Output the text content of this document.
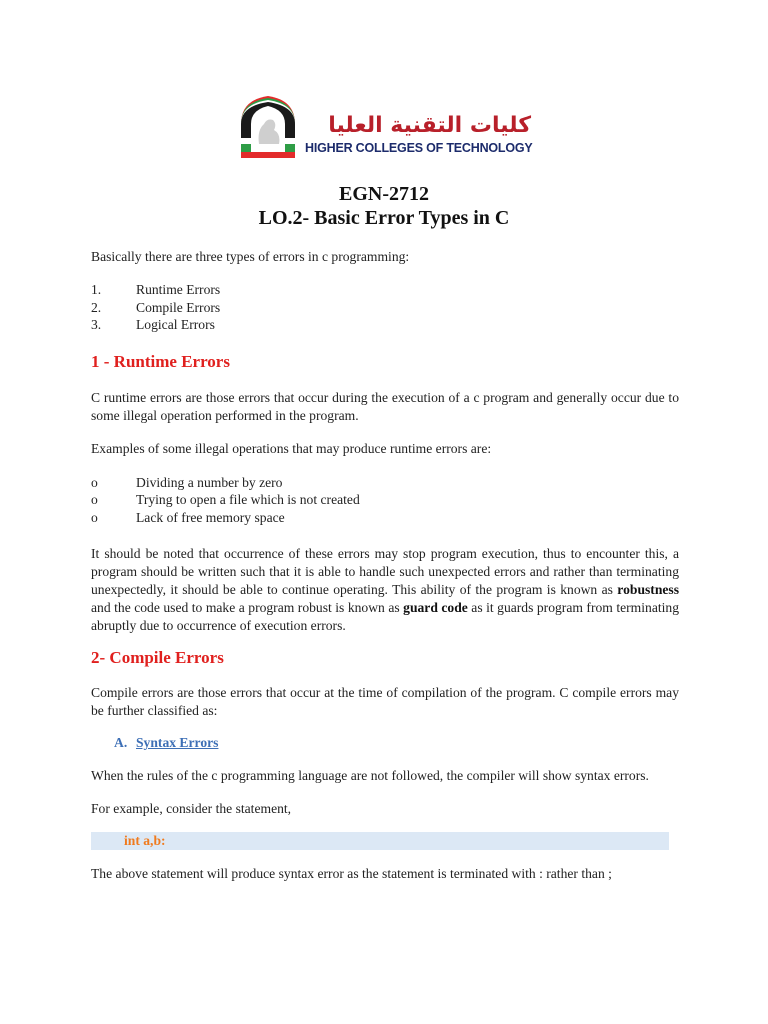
كليات التقنية العليا
HIGHER COLLEGES OF TECHNOLOGY
EGN-2712
LO.2- Basic Error Types in C
Basically there are three types of errors in c programming:
1.	Runtime Errors
2.	Compile Errors
3.	Logical Errors
1 - Runtime Errors
C runtime errors are those errors that occur during the execution of a c program and generally occur due to some illegal operation performed in the program.
Examples of some illegal operations that may produce runtime errors are:
o	Dividing a number by zero
o	Trying to open a file which is not created
o	Lack of free memory space
It should be noted that occurrence of these errors may stop program execution, thus to encounter this, a program should be written such that it is able to handle such unexpected errors and rather than terminating unexpectedly, it should be able to continue operating. This ability of the program is known as robustness and the code used to make a program robust is known as guard code as it guards program from terminating abruptly due to occurrence of execution errors.
2- Compile Errors
Compile errors are those errors that occur at the time of compilation of the program. C compile errors may be further classified as:
A. Syntax Errors
When the rules of the c programming language are not followed, the compiler will show syntax errors.
For example, consider the statement,
int a,b:
The above statement will produce syntax error as the statement is terminated with : rather than ;
